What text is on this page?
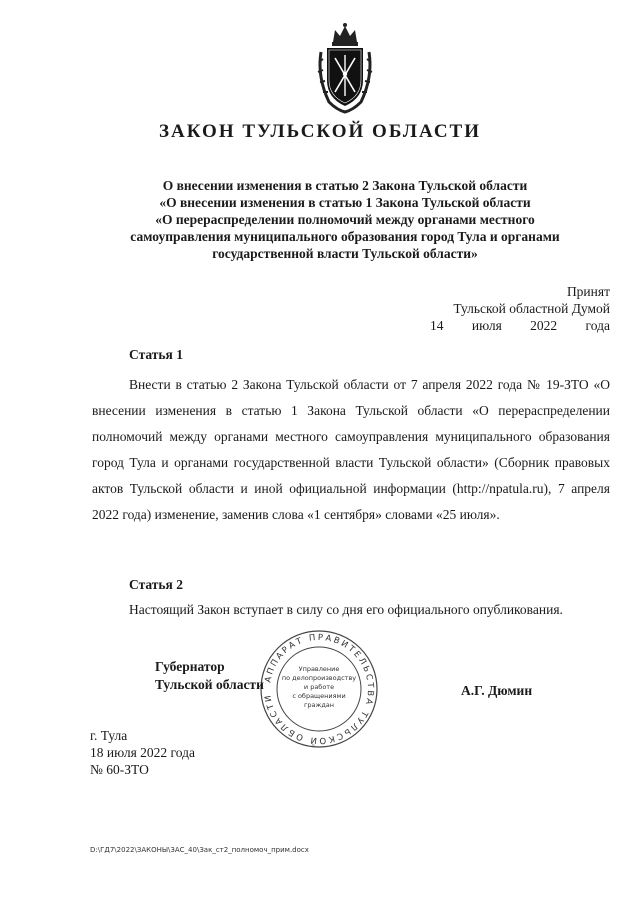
ЗАКОН ТУЛЬСКОЙ ОБЛАСТИ
О внесении изменения в статью 2 Закона Тульской области
«О внесении изменения в статью 1 Закона Тульской области
«О перераспределении полномочий между органами местного
самоуправления муниципального образования город Тула и органами
государственной власти Тульской области»
Принят
Тульской областной Думой
14 июля 2022 года
Статья 1

Внести в статью 2 Закона Тульской области от 7 апреля 2022 года № 19-ЗТО «О внесении изменения в статью 1 Закона Тульской области «О перераспределении полномочий между органами местного самоуправления муниципального образования город Тула и органами государственной власти Тульской области» (Сборник правовых актов Тульской области и иной официальной информации (http://npatula.ru), 7 апреля 2022 года) изменение, заменив слова «1 сентября» словами «25 июля».

Статья 2
Настоящий Закон вступает в силу со дня его официального опубликования.
АППАРАТ ПРАВИТЕЛЬСТВА ТУЛЬСКОЙ ОБЛАСТИ
Управление
по делопроизводству
и работе
с обращениями
граждан
Губернатор
Тульской области	А.Г. Дюмин
г. Тула
18 июля 2022 года
№ 60-ЗТО
D:\ГД7\2022\ЗАКОНЫ\ЗАС_40\Зак_ст2_полномоч_прим.docx
